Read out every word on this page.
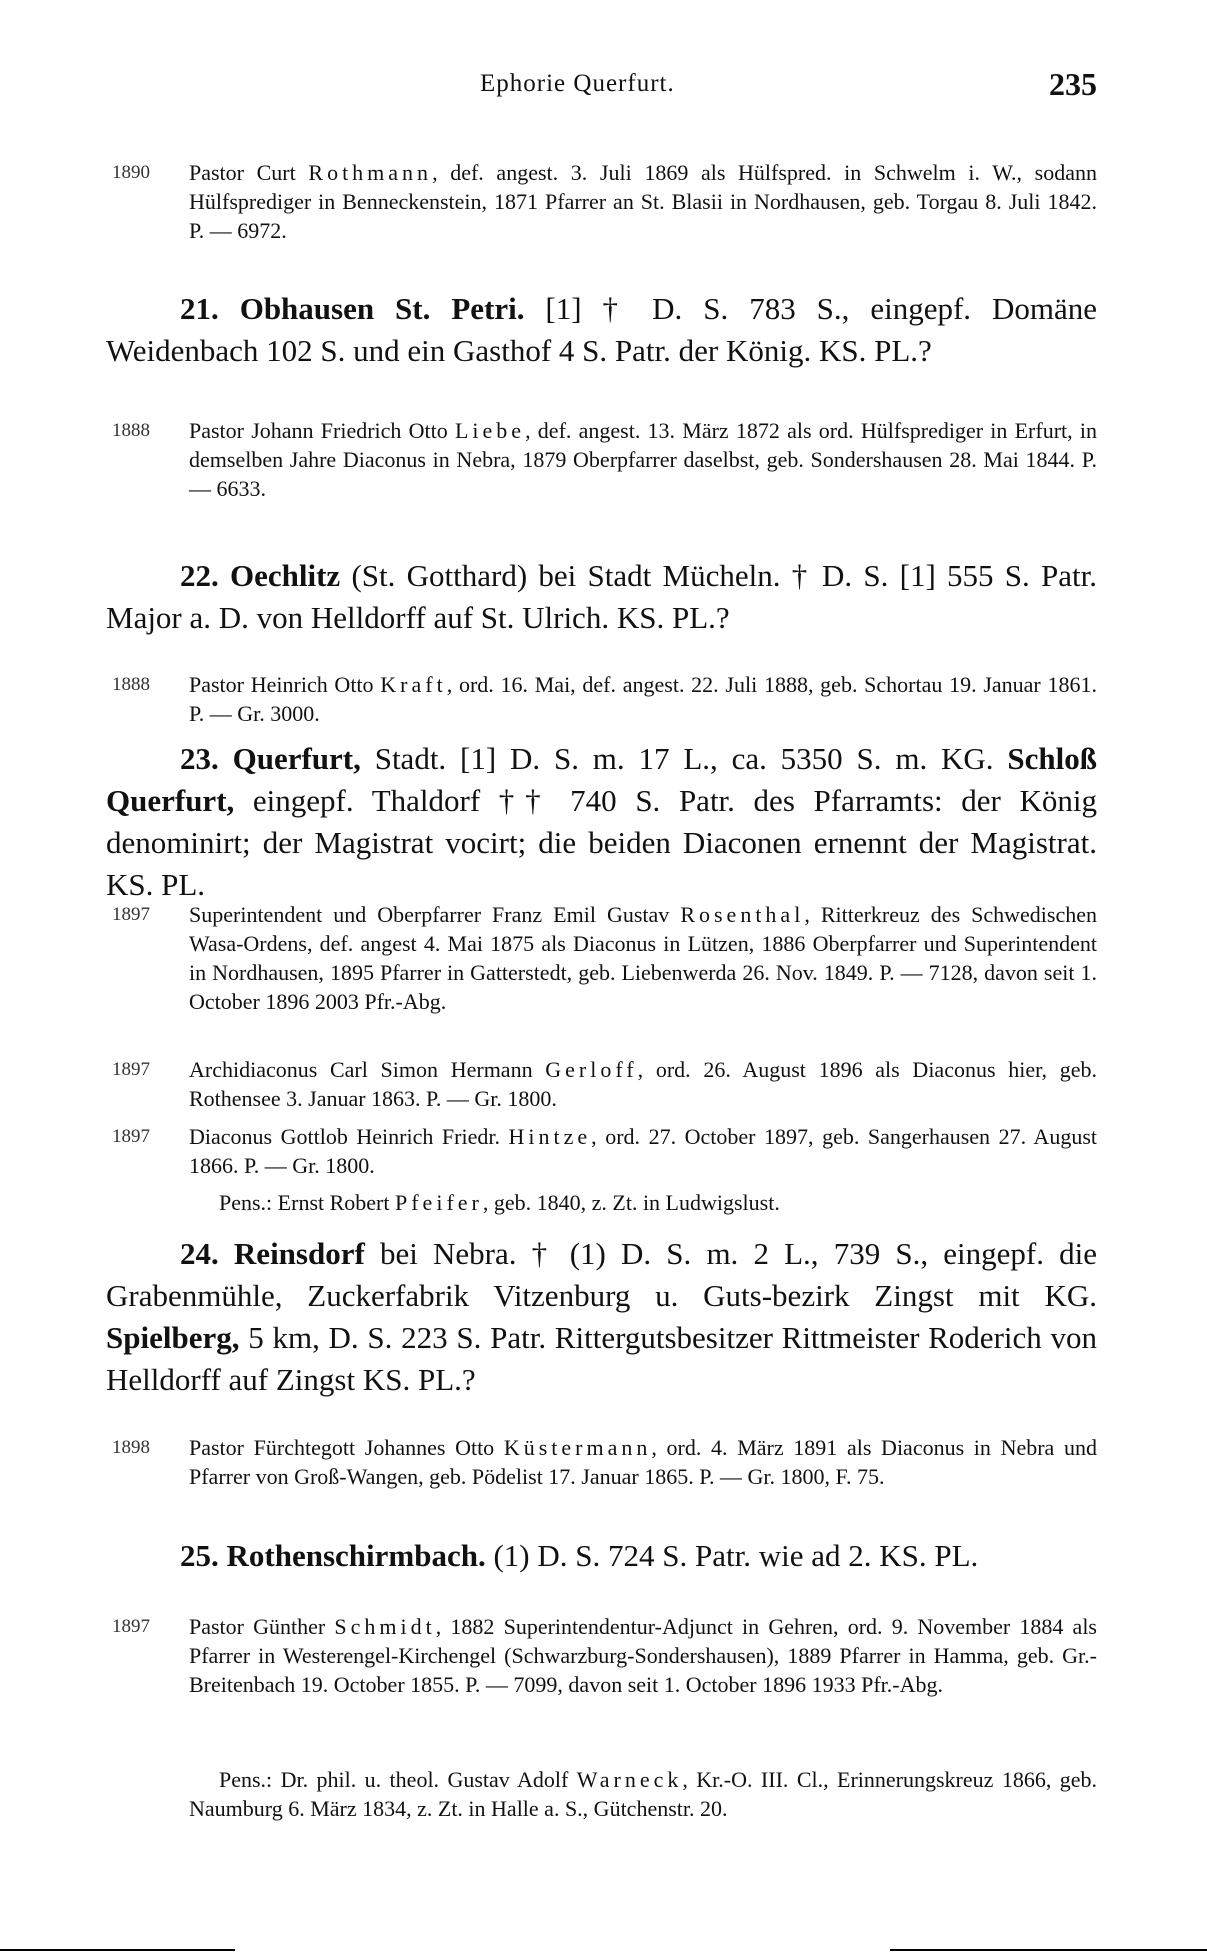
Ephorie Querfurt.	235
1890 Pastor Curt Rothmann, def. angest. 3. Juli 1869 als Hülfspred. in Schwelm i. W., sodann Hülfsprediger in Benneckenstein, 1871 Pfarrer an St. Blasii in Nordhausen, geb. Torgau 8. Juli 1842. P. — 6972.
21. Obhausen St. Petri. [1] † D. S. 783 S., eingepf. Domäne Weidenbach 102 S. und ein Gasthof 4 S. Patr. der König. KS. PL.?
1888 Pastor Johann Friedrich Otto Liebe, def. angest. 13. März 1872 als ord. Hülfsprediger in Erfurt, in demselben Jahre Diaconus in Nebra, 1879 Oberpfarrer daselbst, geb. Sondershausen 28. Mai 1844. P. — 6633.
22. Oechlitz (St. Gotthard) bei Stadt Mücheln. † D. S. [1] 555 S. Patr. Major a. D. von Helldorff auf St. Ulrich. KS. PL.?
1888 Pastor Heinrich Otto Kraft, ord. 16. Mai, def. angest. 22. Juli 1888, geb. Schortau 19. Januar 1861. P. — Gr. 3000.
23. Querfurt, Stadt. [1] D. S. m. 17 L., ca. 5350 S. m. KG. Schloß Querfurt, eingepf. Thaldorf †† 740 S. Patr. des Pfarramts: der König denominirt; der Magistrat vocirt; die beiden Diaconen ernennt der Magistrat. KS. PL.
1897 Superintendent und Oberpfarrer Franz Emil Gustav Rosenthal, Ritterkreuz des Schwedischen Wasa-Ordens, def. angest 4. Mai 1875 als Diaconus in Lützen, 1886 Oberpfarrer und Superintendent in Nordhausen, 1895 Pfarrer in Gatterstedt, geb. Liebenwerda 26. Nov. 1849. P. — 7128, davon seit 1. October 1896 2003 Pfr.-Abg.
1897 Archidiaconus Carl Simon Hermann Gerloff, ord. 26. August 1896 als Diaconus hier, geb. Rothensee 3. Januar 1863. P. — Gr. 1800.
1897 Diaconus Gottlob Heinrich Friedr. Hintze, ord. 27. October 1897, geb. Sangerhausen 27. August 1866. P. — Gr. 1800.
Pens.: Ernst Robert Pfeifer, geb. 1840, z. Zt. in Ludwigslust.
24. Reinsdorf bei Nebra. † (1) D. S. m. 2 L., 739 S., eingepf. die Grabenmühle, Zuckerfabrik Vitzenburg u. Guts-bezirk Zingst mit KG. Spielberg, 5 km, D. S. 223 S. Patr. Rittergutsbesitzer Rittmeister Roderich von Helldorff auf Zingst KS. PL.?
1898 Pastor Fürchtegott Johannes Otto Küstermann, ord. 4. März 1891 als Diaconus in Nebra und Pfarrer von Groß-Wangen, geb. Pödelist 17. Januar 1865. P. — Gr. 1800, F. 75.
25. Rothenschirmbach. (1) D. S. 724 S. Patr. wie ad 2. KS. PL.
1897 Pastor Günther Schmidt, 1882 Superintendentur-Adjunct in Gehren, ord. 9. November 1884 als Pfarrer in Westerengel-Kirchengel (Schwarzburg-Sondershausen), 1889 Pfarrer in Hamma, geb. Gr.-Breitenbach 19. October 1855. P. — 7099, davon seit 1. October 1896 1933 Pfr.-Abg.
Pens.: Dr. phil. u. theol. Gustav Adolf Warneck, Kr.-O. III. Cl., Erinnerungskreuz 1866, geb. Naumburg 6. März 1834, z. Zt. in Halle a. S., Gütchenstr. 20.
